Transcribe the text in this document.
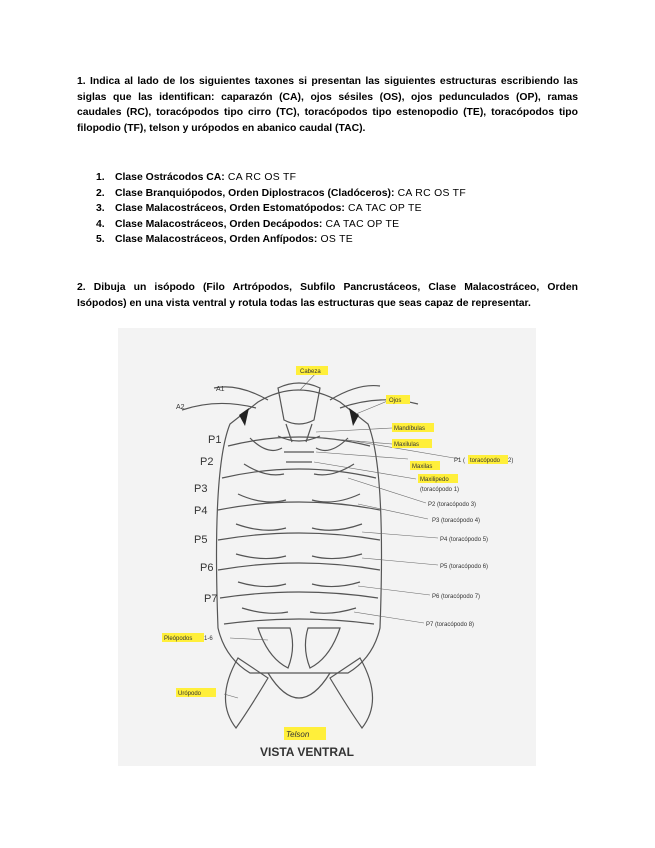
1. Indica al lado de los siguientes taxones si presentan las siguientes estructuras escribiendo las siglas que las identifican: caparazón (CA), ojos sésiles (OS), ojos pedunculados (OP), ramas caudales (RC), toracópodos tipo cirro (TC), toracópodos tipo estenopodio (TE), toracópodos tipo filopodio (TF), telson y urópodos en abanico caudal (TAC).
1. Clase Ostrácodos CA: CA RC OS TF
2. Clase Branquiópodos, Orden Diplostracos (Cladóceros): CA RC OS TF
3. Clase Malacostráceos, Orden Estomatópodos: CA TAC OP TE
4. Clase Malacostráceos, Orden Decápodos: CA TAC OP TE
5. Clase Malacostráceos, Orden Anfípodos: OS TE
2. Dibuja un isópodo (Filo Artrópodos, Subfilo Pancrustáceos, Clase Malacostráceo, Orden Isópodos) en una vista ventral y rotula todas las estructuras que seas capaz de representar.
A1
A2
P1
P2
P3
P4
P5
P6
P7
Cabeza
Ojos
Mandíbulas
Maxilulas
Maxilas
Maxilipedo
Pleópodos
Urópodo
Telson
toracópodo
P1 (	2)
(toracópodo 1)
P2 (toracópodo 3)
P3 (toracópodo 4)
P4 (toracópodo 5)
P5 (toracópodo 6)
P6 (toracópodo 7)
P7 (toracópodo 8)
1-6
VISTA VENTRAL
